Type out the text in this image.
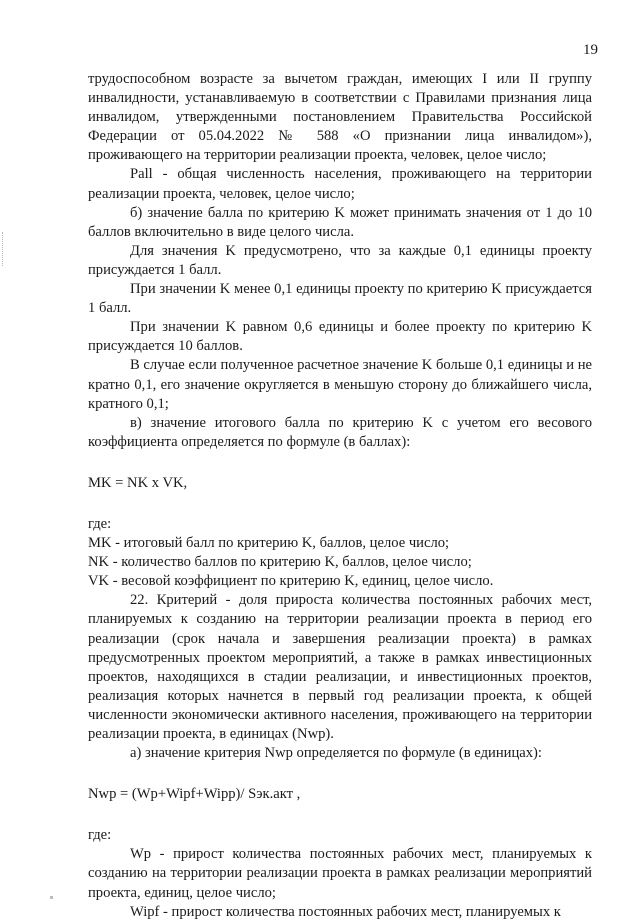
19

трудоспособном возрасте за вычетом граждан, имеющих I или II группу инвалидности, устанавливаемую в соответствии с Правилами признания лица инвалидом, утвержденными постановлением Правительства Российской Федерации от 05.04.2022 № 588 «О признании лица инвалидом»), проживающего на территории реализации проекта, человек, целое число;

Pall - общая численность населения, проживающего на территории реализации проекта, человек, целое число;

б) значение балла по критерию K может принимать значения от 1 до 10 баллов включительно в виде целого числа.

Для значения K предусмотрено, что за каждые 0,1 единицы проекту присуждается 1 балл.

При значении K менее 0,1 единицы проекту по критерию K присуждается 1 балл.

При значении K равном 0,6 единицы и более проекту по критерию K присуждается 10 баллов.

В случае если полученное расчетное значение K больше 0,1 единицы и не кратно 0,1, его значение округляется в меньшую сторону до ближайшего числа, кратного 0,1;

в) значение итогового балла по критерию K с учетом его весового коэффициента определяется по формуле (в баллах):

MK = NK x VK,

где:

MK - итоговый балл по критерию K, баллов, целое число;

NK - количество баллов по критерию K, баллов, целое число;

VK - весовой коэффициент по критерию K, единиц, целое число.

22. Критерий - доля прироста количества постоянных рабочих мест, планируемых к созданию на территории реализации проекта в период его реализации (срок начала и завершения реализации проекта) в рамках предусмотренных проектом мероприятий, а также в рамках инвестиционных проектов, находящихся в стадии реализации, и инвестиционных проектов, реализация которых начнется в первый год реализации проекта, к общей численности экономически активного населения, проживающего на территории реализации проекта, в единицах (Nwp).

а) значение критерия Nwp определяется по формуле (в единицах):

Nwp = (Wp+Wipf+Wipp)/ Sэк.акт ,

где:

Wp - прирост количества постоянных рабочих мест, планируемых к созданию на территории реализации проекта в рамках реализации мероприятий проекта, единиц, целое число;

Wipf - прирост количества постоянных рабочих мест, планируемых к
